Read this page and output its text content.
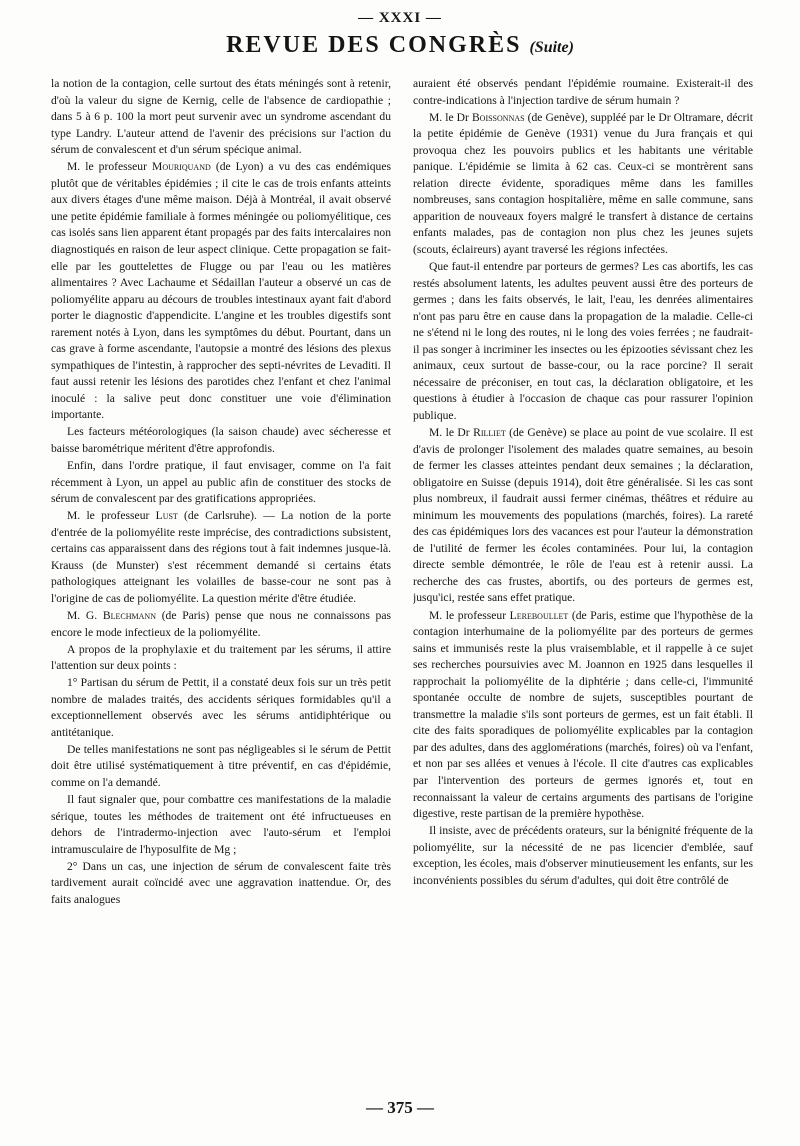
— XXXI —
REVUE DES CONGRÈS (Suite)

la notion de la contagion, celle surtout des états méningés sont à retenir, d'où la valeur du signe de Kernig, celle de l'absence de cardiopathie ; dans 5 à 6 p. 100 la mort peut survenir avec un syndrome ascendant du type Landry. L'auteur attend de l'avenir des précisions sur l'action du sérum de convalescent et d'un sérum spécique animal.

M. le professeur Mouriquand (de Lyon) a vu des cas endémiques plutôt que de véritables épidémies ; il cite le cas de trois enfants atteints aux divers étages d'une même maison. Déjà à Montréal, il avait observé une petite épidémie familiale à formes méningée ou poliomyélitique, ces cas isolés sans lien apparent étant propagés par des faits intercalaires non diagnostiqués en raison de leur aspect clinique. Cette propagation se fait-elle par les gouttelettes de Flugge ou par l'eau ou les matières alimentaires ? Avec Lachaume et Sédaillan l'auteur a observé un cas de poliomyélite apparu au décours de troubles intestinaux ayant fait d'abord porter le diagnostic d'appendicite. L'angine et les troubles digestifs sont rarement notés à Lyon, dans les symptômes du début. Pourtant, dans un cas grave à forme ascendante, l'autopsie a montré des lésions des plexus sympathiques de l'intestin, à rapprocher des septi-névrites de Levaditi. Il faut aussi retenir les lésions des parotides chez l'enfant et chez l'animal inoculé : la salive peut donc constituer une voie d'élimination importante.

Les facteurs météorologiques (la saison chaude) avec sécheresse et baisse barométrique méritent d'être approfondis.

Enfin, dans l'ordre pratique, il faut envisager, comme on l'a fait récemment à Lyon, un appel au public afin de constituer des stocks de sérum de convalescent par des gratifications appropriées.

M. le professeur Lust (de Carlsruhe). — La notion de la porte d'entrée de la poliomyélite reste imprécise, des contradictions subsistent, certains cas apparaissent dans des régions tout à fait indemnes jusque-là. Krauss (de Munster) s'est récemment demandé si certains états pathologiques atteignant les volailles de basse-cour ne sont pas à l'origine de cas de poliomyélite. La question mérite d'être étudiée.

M. G. Blechmann (de Paris) pense que nous ne connaissons pas encore le mode infectieux de la poliomyélite.

A propos de la prophylaxie et du traitement par les sérums, il attire l'attention sur deux points :

1° Partisan du sérum de Pettit, il a constaté deux fois sur un très petit nombre de malades traités, des accidents sériques formidables qu'il a exceptionnellement observés avec les sérums antidiphtérique ou antitétanique.

De telles manifestations ne sont pas négligeables si le sérum de Pettit doit être utilisé systématiquement à titre préventif, en cas d'épidémie, comme on l'a demandé.

Il faut signaler que, pour combattre ces manifestations de la maladie sérique, toutes les méthodes de traitement ont été infructueuses en dehors de l'intradermo-injection avec l'auto-sérum et l'emploi intramusculaire de l'hyposulfite de Mg ;

2° Dans un cas, une injection de sérum de convalescent faite très tardivement aurait coïncidé avec une aggravation inattendue. Or, des faits analogues

auraient été observés pendant l'épidémie roumaine. Existerait-il des contre-indications à l'injection tardive de sérum humain ?

M. le Dr Boissonnas (de Genève), suppléé par le Dr Oltramare, décrit la petite épidémie de Genève (1931) venue du Jura français et qui provoqua chez les pouvoirs publics et les habitants une véritable panique. L'épidémie se limita à 62 cas. Ceux-ci se montrèrent sans relation directe évidente, sporadiques même dans les familles nombreuses, sans contagion hospitalière, même en salle commune, sans apparition de nouveaux foyers malgré le transfert à distance de certains enfants malades, pas de contagion non plus chez les jeunes sujets (scouts, éclaireurs) ayant traversé les régions infectées.

Que faut-il entendre par porteurs de germes? Les cas abortifs, les cas restés absolument latents, les adultes peuvent aussi être des porteurs de germes ; dans les faits observés, le lait, l'eau, les denrées alimentaires n'ont pas paru être en cause dans la propagation de la maladie. Celle-ci ne s'étend ni le long des routes, ni le long des voies ferrées ; ne faudrait-il pas songer à incriminer les insectes ou les épizooties sévissant chez les animaux, ceux surtout de basse-cour, ou la race porcine? Il serait nécessaire de préconiser, en tout cas, la déclaration obligatoire, et les questions à étudier à l'occasion de chaque cas pour rassurer l'opinion publique.

M. le Dr Rilliet (de Genève) se place au point de vue scolaire. Il est d'avis de prolonger l'isolement des malades quatre semaines, au besoin de fermer les classes atteintes pendant deux semaines ; la déclaration, obligatoire en Suisse (depuis 1914), doit être généralisée. Si les cas sont plus nombreux, il faudrait aussi fermer cinémas, théâtres et réduire au minimum les mouvements des populations (marchés, foires). La rareté des cas épidémiques lors des vacances est pour l'auteur la démonstration de l'utilité de fermer les écoles contaminées. Pour lui, la contagion directe semble démontrée, le rôle de l'eau est à retenir aussi. La recherche des cas frustes, abortifs, ou des porteurs de germes est, jusqu'ici, restée sans effet pratique.

M. le professeur Lereboullet (de Paris, estime que l'hypothèse de la contagion interhumaine de la poliomyélite par des porteurs de germes sains et immunisés reste la plus vraisemblable, et il rappelle à ce sujet ses recherches poursuivies avec M. Joannon en 1925 dans lesquelles il rapprochait la poliomyélite de la diphtérie ; dans celle-ci, l'immunité spontanée occulte de nombre de sujets, susceptibles pourtant de transmettre la maladie s'ils sont porteurs de germes, est un fait établi. Il cite des faits sporadiques de poliomyélite explicables par la contagion par des adultes, dans des agglomérations (marchés, foires) où va l'enfant, et non par ses allées et venues à l'école. Il cite d'autres cas explicables par l'intervention des porteurs de germes ignorés et, tout en reconnaissant la valeur de certains arguments des partisans de l'origine digestive, reste partisan de la première hypothèse.

Il insiste, avec de précédents orateurs, sur la bénignité fréquente de la poliomyélite, sur la nécessité de ne pas licencier d'emblée, sauf exception, les écoles, mais d'observer minutieusement les enfants, sur les inconvénients possibles du sérum d'adultes, qui doit être contrôlé de

— 375 —
